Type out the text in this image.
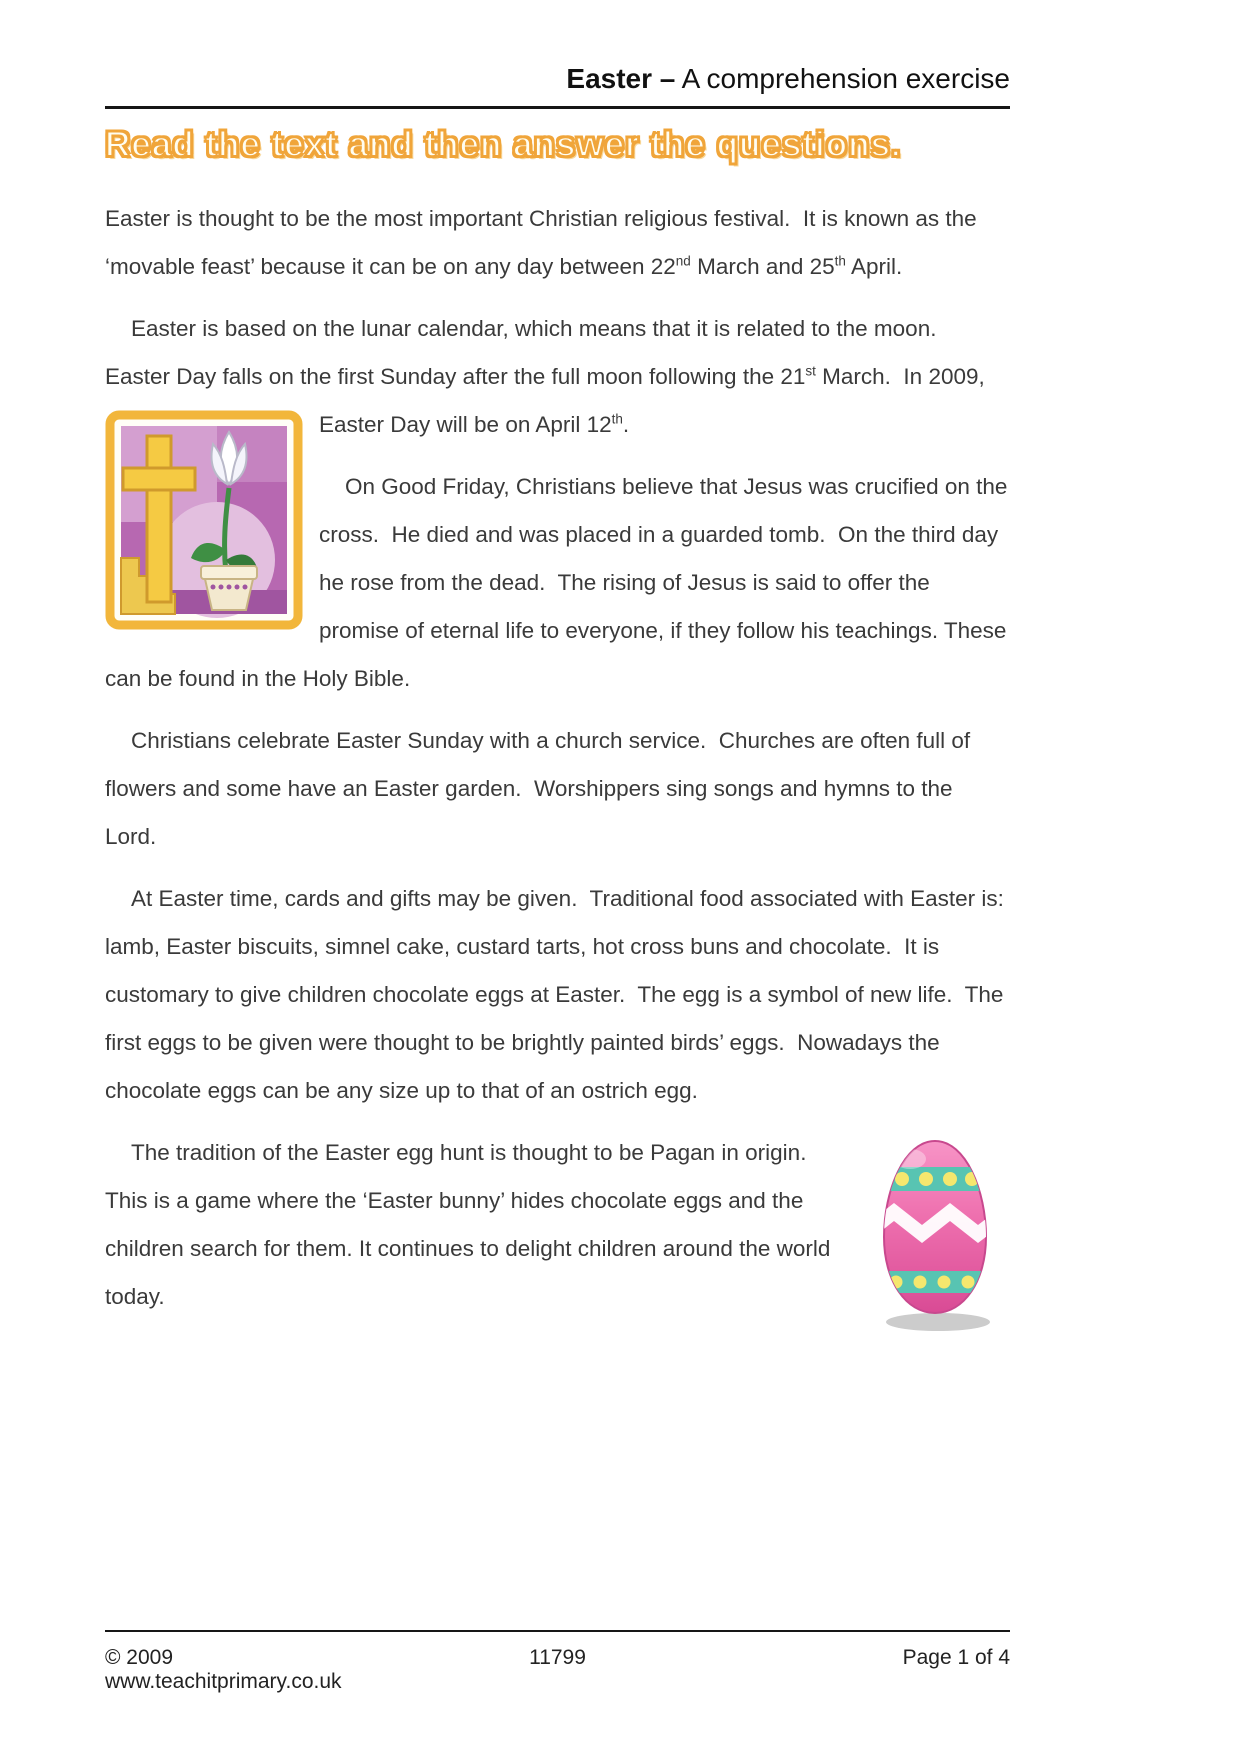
Easter – A comprehension exercise
Read the text and then answer the questions.

Easter is thought to be the most important Christian religious festival.  It is known as the ‘movable feast’ because it can be on any day between 22nd March and 25th April.

Easter is based on the lunar calendar, which means that it is related to the moon.  Easter Day falls on the first Sunday after the full moon following the 21st March.  In 2009, Easter Day will be on April 12th.

On Good Friday, Christians believe that Jesus was crucified on the cross.  He died and was placed in a guarded tomb.  On the third day he rose from the dead.  The rising of Jesus is said to offer the promise of eternal life to everyone, if they follow his teachings. These can be found in the Holy Bible.

Christians celebrate Easter Sunday with a church service.  Churches are often full of flowers and some have an Easter garden.  Worshippers sing songs and hymns to the Lord.

At Easter time, cards and gifts may be given.  Traditional food associated with Easter is: lamb, Easter biscuits, simnel cake, custard tarts, hot cross buns and chocolate.  It is customary to give children chocolate eggs at Easter.  The egg is a symbol of new life.  The first eggs to be given were thought to be brightly painted birds’ eggs.  Nowadays the chocolate eggs can be any size up to that of an ostrich egg.

The tradition of the Easter egg hunt is thought to be Pagan in origin.  This is a game where the ‘Easter bunny’ hides chocolate eggs and the children search for them. It continues to delight children around the world today.

© 2009 www.teachitprimary.co.uk
11799	Page 1 of 4
